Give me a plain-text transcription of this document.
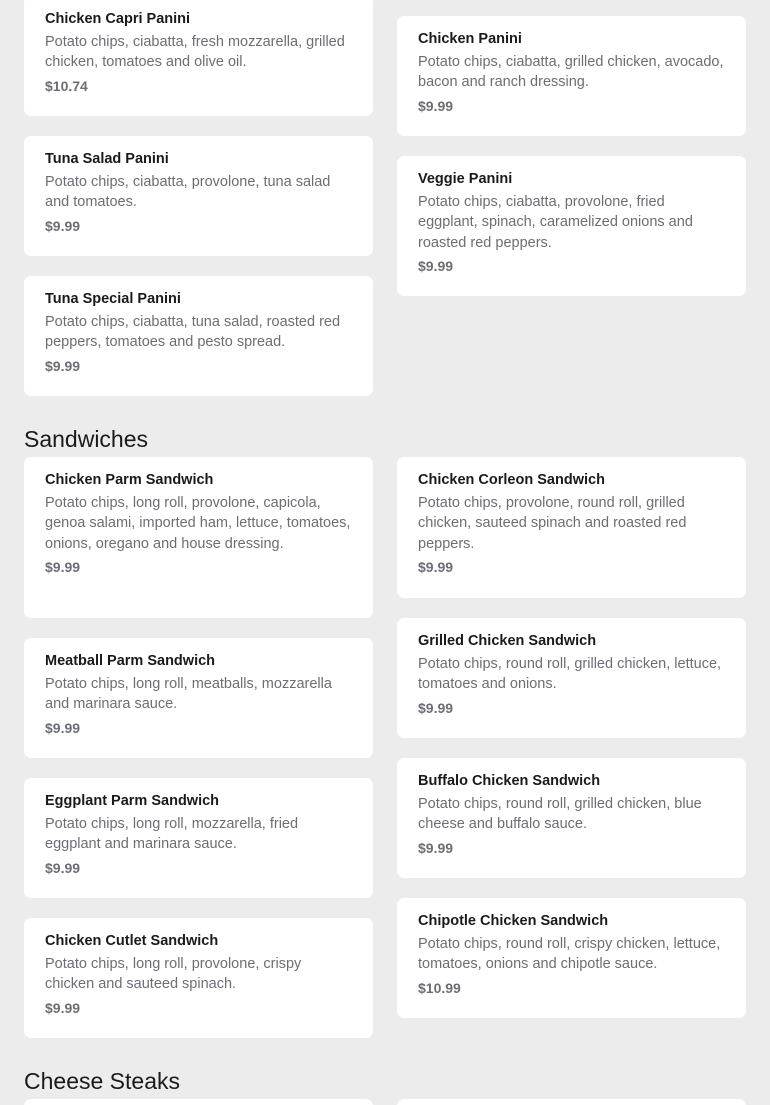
Chicken Capri Panini
Potato chips, ciabatta, fresh mozzarella, grilled chicken, tomatoes and olive oil.
$10.74
Chicken Panini
Potato chips, ciabatta, grilled chicken, avocado, bacon and ranch dressing.
$9.99
Tuna Salad Panini
Potato chips, ciabatta, provolone, tuna salad and tomatoes.
$9.99
Veggie Panini
Potato chips, ciabatta, provolone, fried eggplant, spinach, caramelized onions and roasted red peppers.
$9.99
Tuna Special Panini
Potato chips, ciabatta, tuna salad, roasted red peppers, tomatoes and pesto spread.
$9.99
Sandwiches
Chicken Parm Sandwich
Potato chips, long roll, provolone, capicola, genoa salami, imported ham, lettuce, tomatoes, onions, oregano and house dressing.
$9.99
Chicken Corleon Sandwich
Potato chips, provolone, round roll, grilled chicken, sauteed spinach and roasted red peppers.
$9.99
Grilled Chicken Sandwich
Potato chips, round roll, grilled chicken, lettuce, tomatoes and onions.
$9.99
Meatball Parm Sandwich
Potato chips, long roll, meatballs, mozzarella and marinara sauce.
$9.99
Buffalo Chicken Sandwich
Potato chips, round roll, grilled chicken, blue cheese and buffalo sauce.
$9.99
Eggplant Parm Sandwich
Potato chips, long roll, mozzarella, fried eggplant and marinara sauce.
$9.99
Chipotle Chicken Sandwich
Potato chips, round roll, crispy chicken, lettuce, tomatoes, onions and chipotle sauce.
$10.99
Chicken Cutlet Sandwich
Potato chips, long roll, provolone, crispy chicken and sauteed spinach.
$9.99
Cheese Steaks
